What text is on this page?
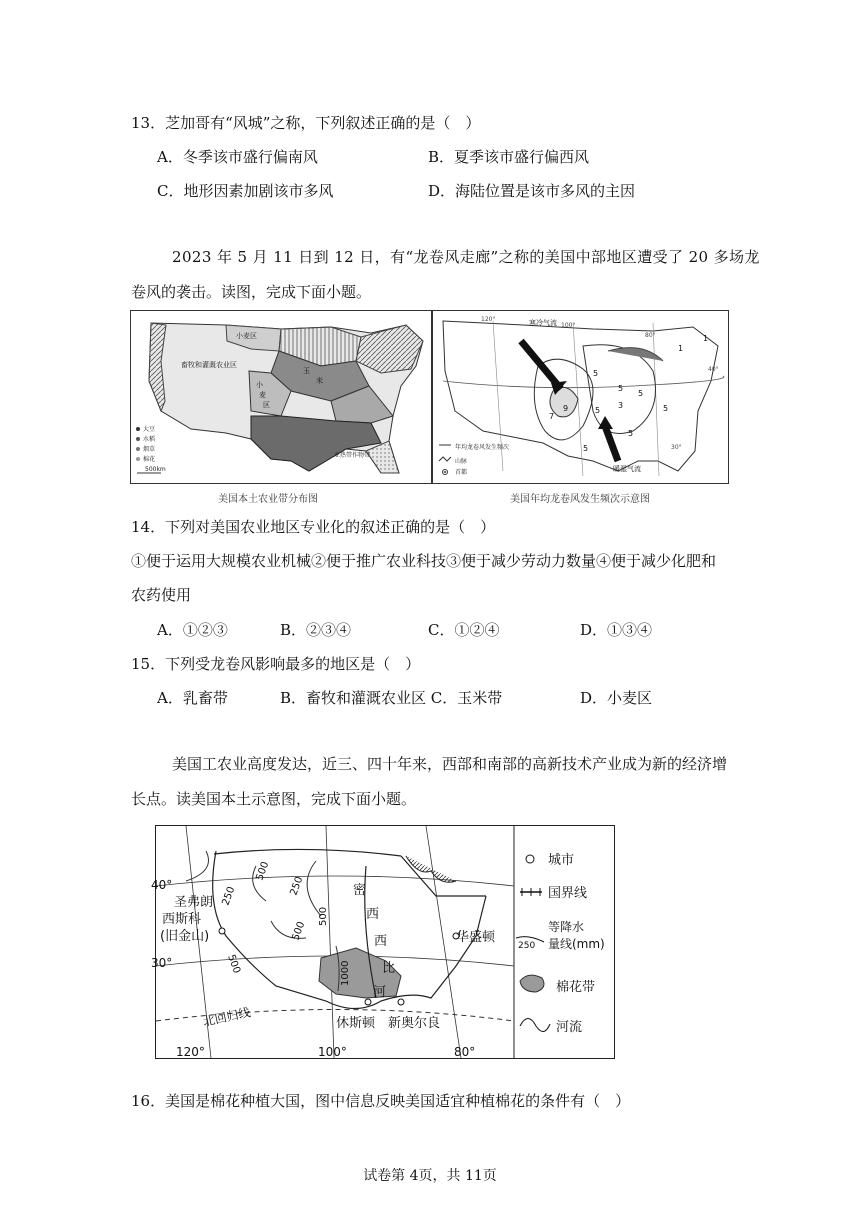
13．芝加哥有“风城”之称，下列叙述正确的是（　）
A．冬季该市盛行偏南风	B．夏季该市盛行偏西风
C．地形因素加剧该市多风	D．海陆位置是该市多风的主因
2023 年 5 月 11 日到 12 日，有“龙卷风走廊”之称的美国中部地区遭受了 20 多场龙
卷风的袭击。读图，完成下面小题。
小麦区
畜牧和灌溉农业区
玉
米
小
麦
区
亚热带作物带
大豆
水稻
烟草
棉花
500km
美国本土农业带分布图
寒冷气流
暖湿气流
100°
80°
120°
40°
30°
5
5
5
7
9	5
3
5
5
5
1
1
年均龙卷风发生频次
山脉
首都
美国年均龙卷风发生频次示意图
14．下列对美国农业地区专业化的叙述正确的是（　）
①便于运用大规模农业机械②便于推广农业科技③便于减少劳动力数量④便于减少化肥和
农药使用
A．①②③	B．②③④	C．①②④	D．①③④
15．下列受龙卷风影响最多的地区是（　）
A．乳畜带	B．畜牧和灌溉农业区 C．玉米带	D．小麦区
美国工农业高度发达，近三、四十年来，西部和南部的高新技术产业成为新的经济增
长点。读美国本土示意图，完成下面小题。
40°
30°
圣弗朗
西斯科
(旧金山)	华盛顿
休斯顿 新奥尔良
北回归线
密
西
西
比
河
250
500
250
500
500
1000
500
120°	100°	80°
城市
国界线
等降水
250 量线(mm)
棉花带
河流
16．美国是棉花种植大国，图中信息反映美国适宜种植棉花的条件有（　）
试卷第 4页，共 11页
